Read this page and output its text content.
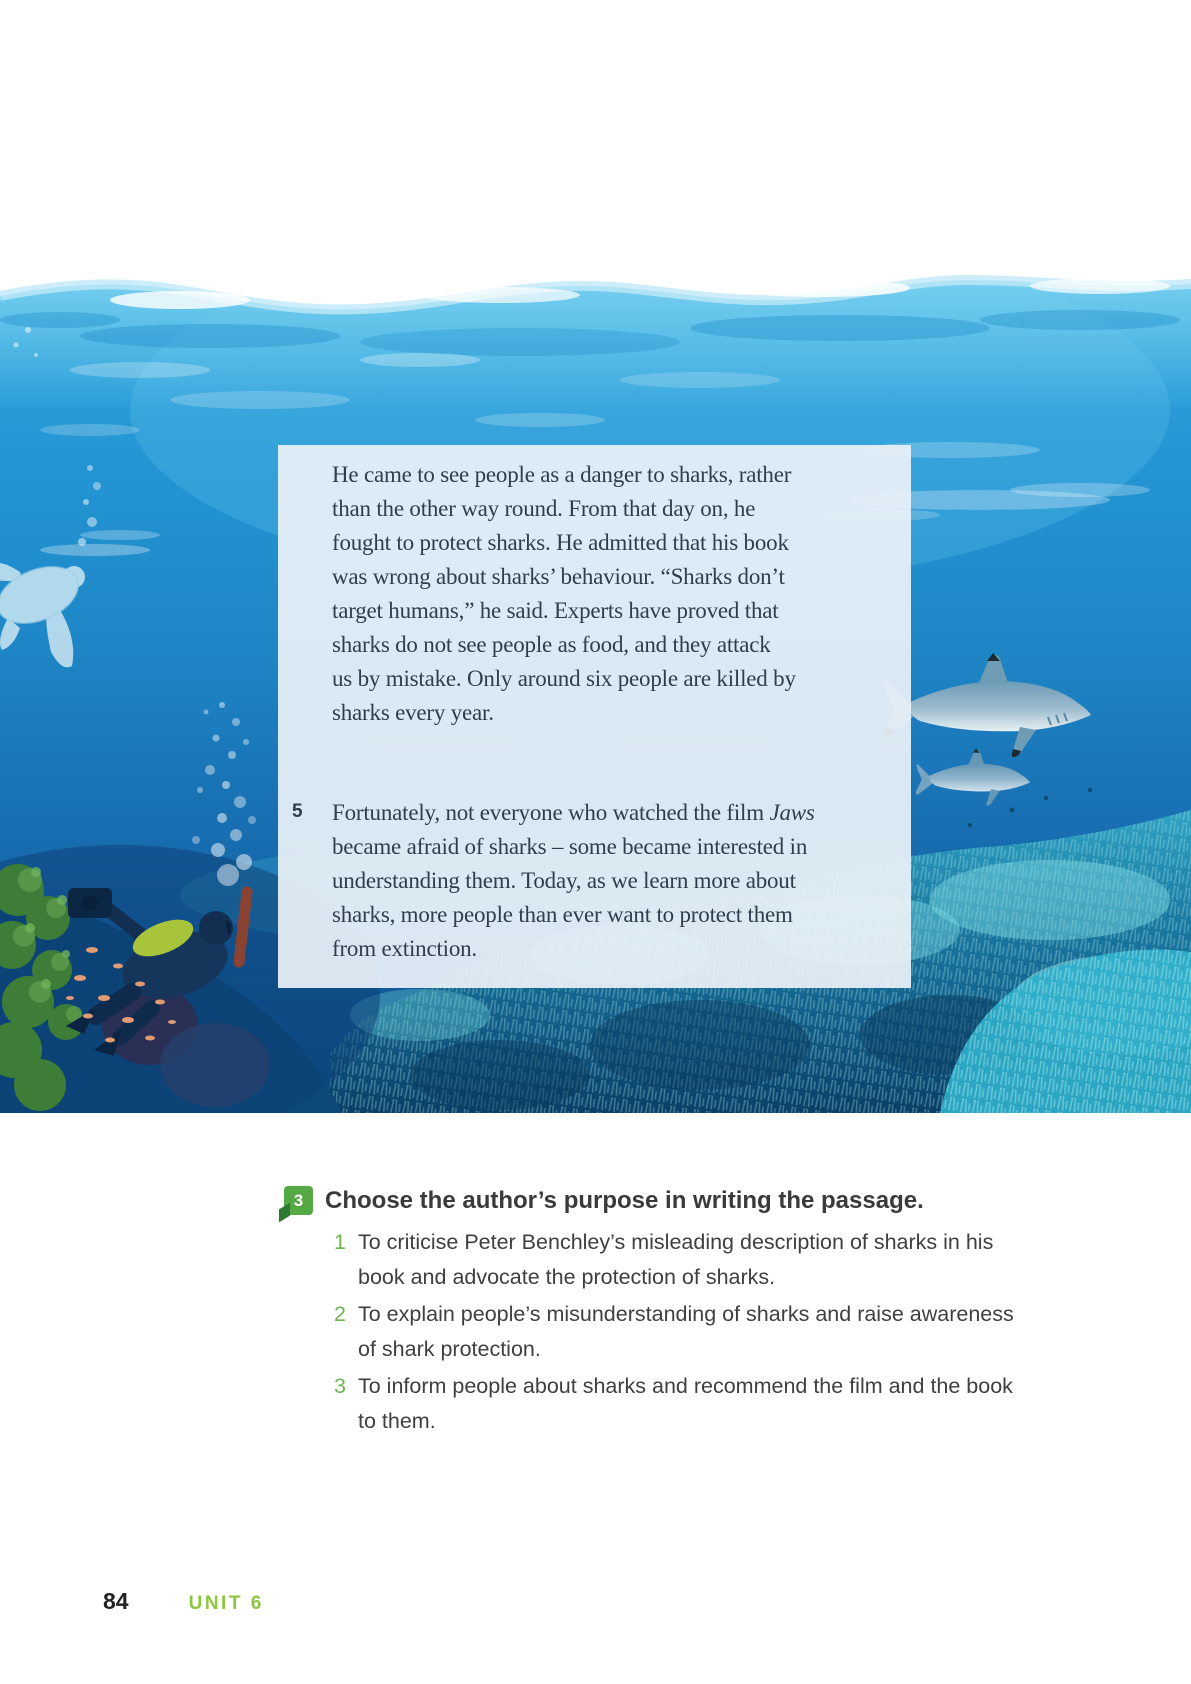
He came to see people as a danger to sharks, rather
than the other way round. From that day on, he
fought to protect sharks. He admitted that his book
was wrong about sharks’ behaviour. “Sharks don’t
target humans,” he said. Experts have proved that
sharks do not see people as food, and they attack
us by mistake. Only around six people are killed by
sharks every year.
5	Fortunately, not everyone who watched the film Jaws
became afraid of sharks – some became interested in
understanding them. Today, as we learn more about
sharks, more people than ever want to protect them
from extinction.
3 Choose the author’s purpose in writing the passage.
1 To criticise Peter Benchley’s misleading description of sharks in his book and advocate the protection of sharks.
2 To explain people’s misunderstanding of sharks and raise awareness of shark protection.
3 To inform people about sharks and recommend the film and the book to them.
84	UNIT 6
